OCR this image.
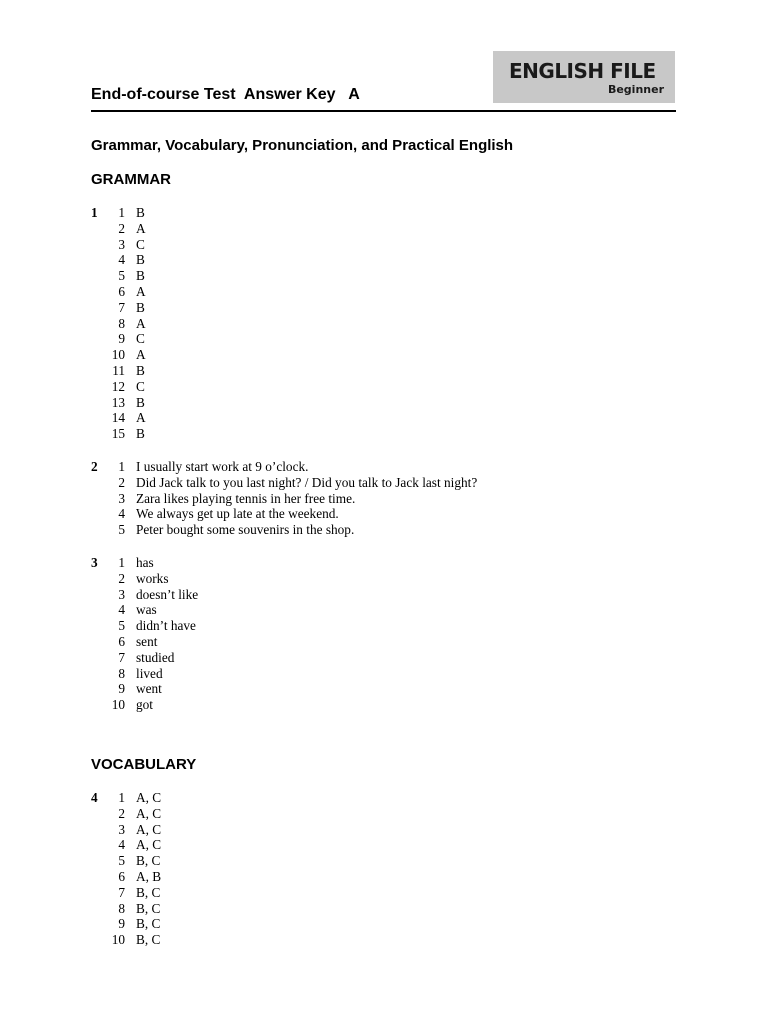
ENGLISH FILE
Beginner
End-of-course Test  Answer Key   A
Grammar, Vocabulary, Pronunciation, and Practical English
GRAMMAR
1	1 B
2 A
3 C
4 B
5 B
6 A
7 B
8 A
9 C
10 A
11 B
12 C
13 B
14 A
15 B
2	1 I usually start work at 9 o’clock.
2 Did Jack talk to you last night? / Did you talk to Jack last night?
3 Zara likes playing tennis in her free time.
4 We always get up late at the weekend.
5 Peter bought some souvenirs in the shop.
3	1 has
2 works
3 doesn’t like
4 was
5 didn’t have
6 sent
7 studied
8 lived
9 went
10 got
VOCABULARY
4	1 A, C
2 A, C
3 A, C
4 A, C
5 B, C
6 A, B
7 B, C
8 B, C
9 B, C
10 B, C
